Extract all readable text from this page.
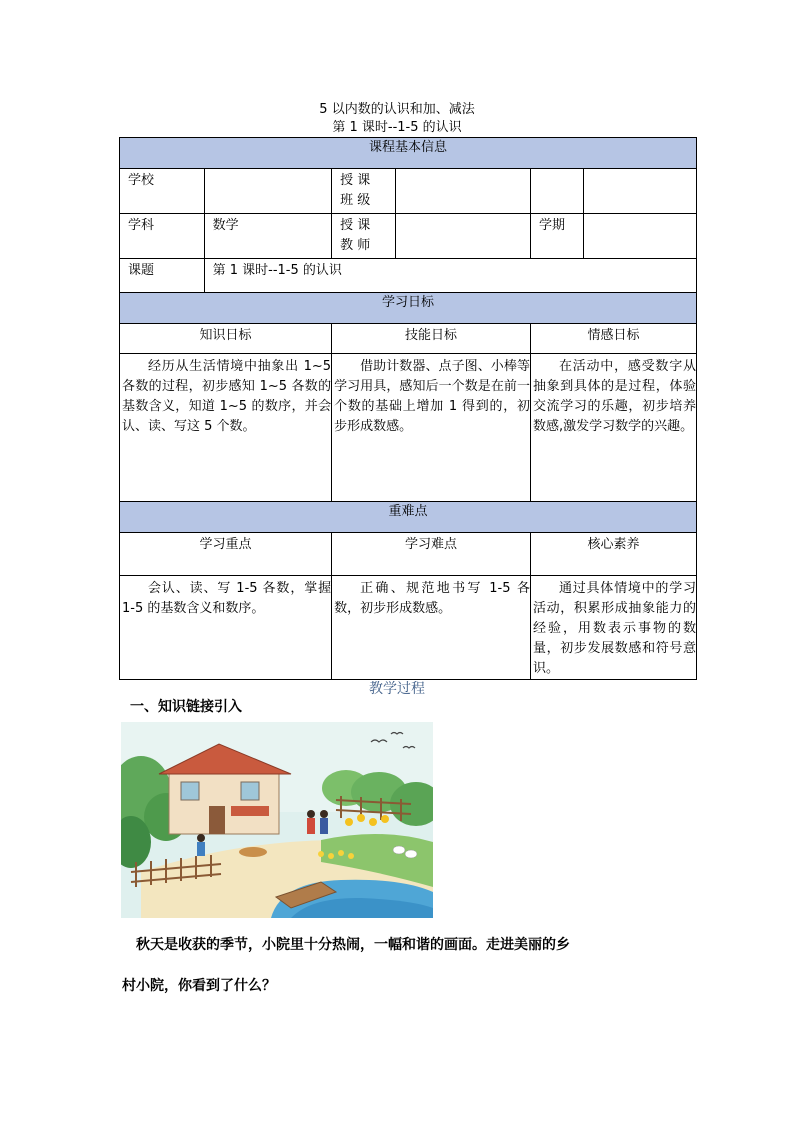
5 以内数的认识和加、减法
第 1 课时--1-5 的认识
课程基本信息					
学校		授 课 班 级			
学科	数学	授 课 教 师		学期	
课题	第 1 课时--1-5 的认识				
学习日标					
知识日标		技能日标		情感日标	
经历从生活情境中抽象出 1~5 各数的过程，初步感知 1~5 各数的基数含义，知道 1~5 的数序，并会认、读、写这 5 个数。		借助计数器、点子图、小棒等学习用具，感知后一个数是在前一个数的基础上增加 1 得到的，初步形成数感。		在活动中，感受数字从抽象到具体的是过程，体验交流学习的乐趣，初步培养数感,激发学习数学的兴趣。	
重难点					
学习重点		学习难点		核心素养	
会认、读、写 1-5 各数，掌握 1-5 的基数含义和数序。		正确、规范地书写 1-5 各数，初步形成数感。		通过具体情境中的学习活动，积累形成抽象能力的经验，用数表示事物的数量，初步发展数感和符号意识。	
教学过程
一、知识链接引入
秋天是收获的季节，小院里十分热闹，一幅和谐的画面。走进美丽的乡
村小院，你看到了什么？
